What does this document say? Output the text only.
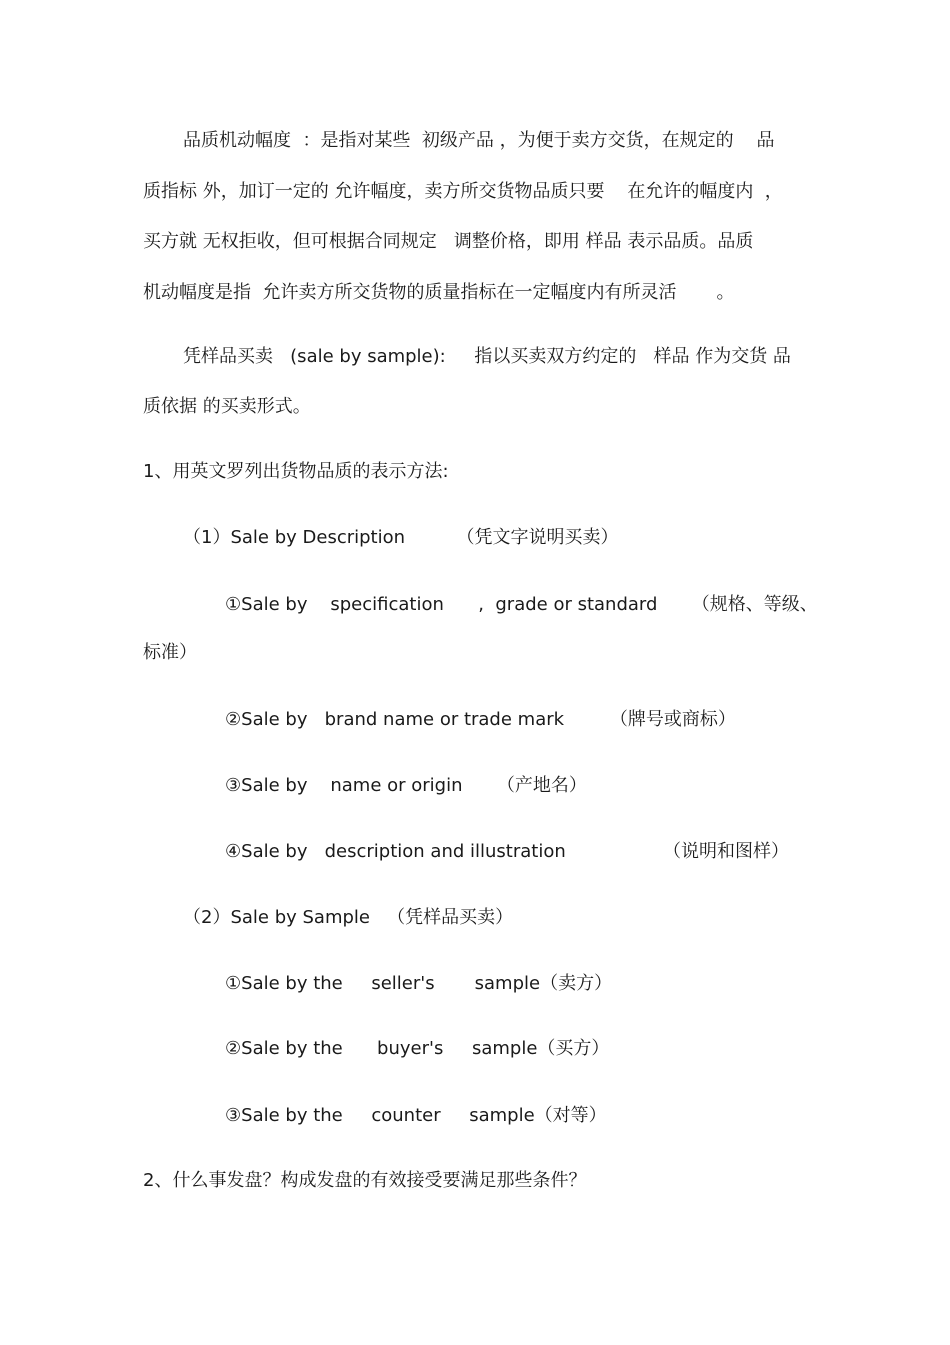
品质机动幅度  ：是指对某些  初级产品 ，为便于卖方交货，在规定的    品
质指标 外，加订一定的 允许幅度，卖方所交货物品质只要    在允许的幅度内  ，
买方就 无权拒收，但可根据合同规定   调整价格，即用 样品 表示品质。品质
机动幅度是指  允许卖方所交货物的质量指标在一定幅度内有所灵活       。
凭样品买卖   (sale by sample):     指以买卖双方约定的   样品 作为交货 品
质依据 的买卖形式。
1、用英文罗列出货物品质的表示方法:
（1）Sale by Description         （凭文字说明买卖）
①Sale by    specification      ,  grade or standard      （规格、等级、
标准）
②Sale by   brand name or trade mark        （牌号或商标）
③Sale by    name or origin      （产地名）
④Sale by   description and illustration                 （说明和图样）
（2）Sale by Sample   （凭样品买卖）
①Sale by the     seller's       sample（卖方）
②Sale by the      buyer's     sample（买方）
③Sale by the     counter     sample（对等）
2、什么事发盘？构成发盘的有效接受要满足那些条件？
